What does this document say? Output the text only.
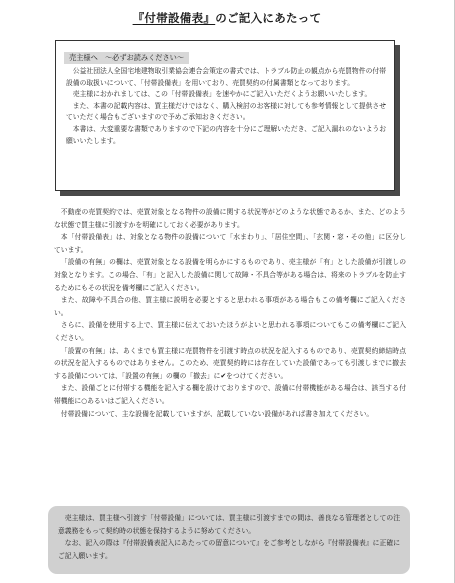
『付帯設備表』のご記入にあたって
売主様へ　～必ずお読みください～

公益社団法人全国宅地建物取引業協会連合会策定の書式では、トラブル防止の観点から売買物件の付帯設備の取扱いについて、「付帯設備表」を用いており、売買契約の付属書類となっております。

売主様におかれましては、この「付帯設備表」を速やかにご記入いただくようお願いいたします。

また、本書の記載内容は、買主様だけではなく、購入検討のお客様に対しても参考情報として提供させていただく場合もございますので予めご承知おきください。

本書は、大変重要な書類でありますので下記の内容を十分にご理解いただき、ご記入漏れのないようお願いいたします。

不動産の売買契約では、売買対象となる物件の設備に関する状況等がどのような状態であるか、また、どのような状態で買主様に引渡すかを明確にしておく必要があります。

本「付帯設備表」は、対象となる物件の設備について「水まわり」、「居住空間」、「玄関・窓・その他」に区分しています。

「設備の有無」の欄は、売買対象となる設備を明らかにするものであり、売主様が「有」とした設備が引渡しの対象となります。この場合、「有」と記入した設備に関して故障・不具合等がある場合は、将来のトラブルを防止するためにもその状況を備考欄にご記入ください。

また、故障や不具合の他、買主様に説明を必要とすると思われる事項がある場合もこの備考欄にご記入ください。

さらに、設備を使用する上で、買主様に伝えておいたほうがよいと思われる事項についてもこの備考欄にご記入ください。

「設置の有無」は、あくまでも買主様に売買物件を引渡す時点の状況を記入するものであり、売買契約締結時点の状況を記入するものではありません。このため、売買契約時には存在していた設備であっても引渡しまでに撤去する設備については、「設置の有無」の欄の「撤去」に✔をつけてください。

また、設備ごとに付帯する機能を記入する欄を設けておりますので、設備に付帯機能がある場合は、該当する付帯機能に○あるいはご記入ください。

付帯設備について、主な設備を記載していますが、記載していない設備があれば書き加えてください。

売主様は、買主様へ引渡す「付帯設備」については、買主様に引渡すまでの間は、善良なる管理者としての注意義務をもって契約時の状態を保持するように努めてください。

なお、記入の際は『付帯設備表記入にあたっての留意について』をご参考としながら『付帯設備表』に正確にご記入願います。
